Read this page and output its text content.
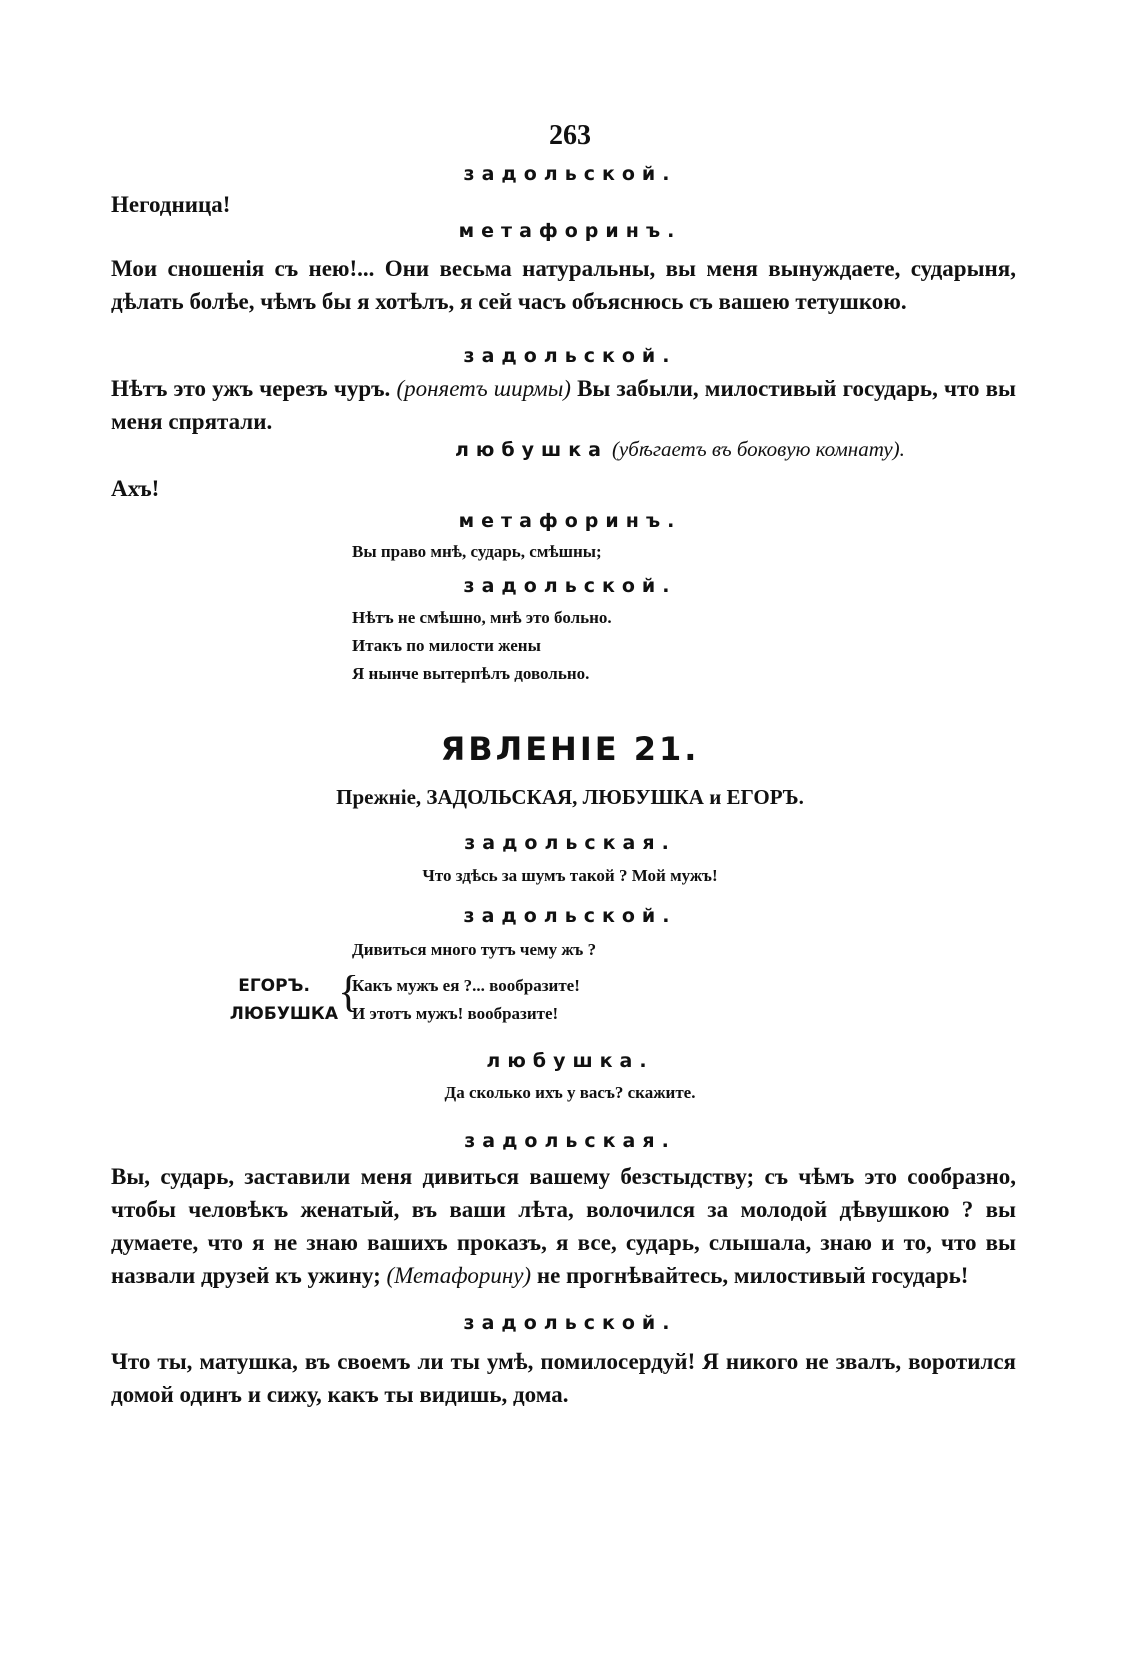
263
задольской.
Негодница!
метафоринъ.
Мои сношенія съ нею!... Они весьма натуральны, вы меня вынуждаете, сударыня, дѣлать болѣе, чѣмъ бы я хотѣлъ, я сей часъ объяснюсь съ вашею тетушкою.
задольской.
Нѣтъ это ужъ черезъ чуръ. (роняетъ ширмы) Вы забыли, милостивый государь, что вы меня спрятали.
любушка (убѣгаетъ въ боковую комнату).
Ахъ!
метафоринъ.
Вы право мнѣ, сударь, смѣшны;
задольской.
Нѣтъ не смѣшно, мнѣ это больно.
Итакъ по милости жены
Я нынче вытерпѣлъ довольно.
ЯВЛЕНІЕ 21.
Прежніе, ЗАДОЛЬСКАЯ, ЛЮБУШКА и ЕГОРЪ.
задольская.
Что здѣсь за шумъ такой ? Мой мужъ!
задольской.
Дивиться много тутъ чему жъ ?
ЕГОРЪ.
ЛЮБУШКА {
Какъ мужъ ея ?... вообразите!
И этотъ мужъ! вообразите!
любушка.
Да сколько ихъ у васъ? скажите.
задольская.
Вы, сударь, заставили меня дивиться вашему безстыдству; съ чѣмъ это сообразно, чтобы человѣкъ женатый, въ ваши лѣта, волочился за молодой дѣвушкою ? вы думаете, что я не знаю вашихъ проказъ, я все, сударь, слышала, знаю и то, что вы назвали друзей къ ужину; (Метафорину) не прогнѣвайтесь, милостивый государь!
задольской.
Что ты, матушка, въ своемъ ли ты умѣ, помилосердуй! Я никого не звалъ, воротился домой одинъ и сижу, какъ ты видишь, дома.
